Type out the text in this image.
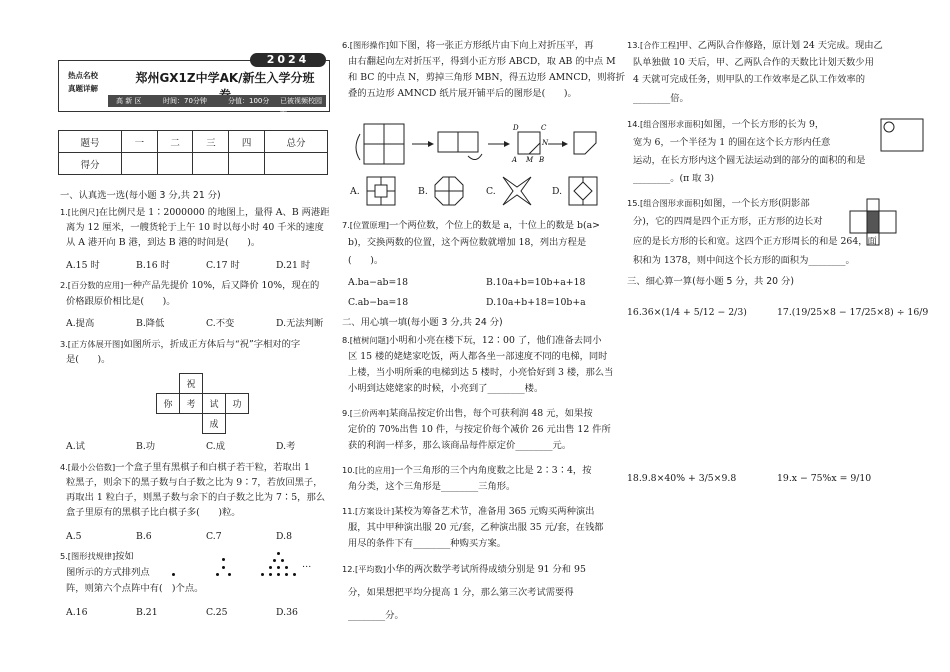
2024
热点名校
真题详解
郑州GX1Z中学AK/新生入学分班
高 新 区	时间：70分钟	分值：100分 已被视频校园版
题号	一	二	三	四	总分
得分					
一、认真选一选(每小题 3 分,共 21 分)
1.[比例尺]在比例尺是 1∶2000000 的地图上，量得 A、B 两港距
离为 12 厘米，一艘货轮于上午 10 时以每小时 40 千米的速度
从 A 港开向 B 港，到达 B 港的时间是(　　)。
A.15 时	B.16 时	C.17 时	D.21 时
2.[百分数的应用]一种产品先提价 10%，后又降价 10%，现在的
价格跟原价相比是(　　)。
A.提高	B.降低	C.不变	D.无法判断
3.[正方体展开图]如图所示，折成正方体后与“祝”字相对的字
是(　　)。
	祝		
你	考	试	功
		成	
A.试	B.功	C.成	D.考
4.[最小公倍数]一个盒子里有黑棋子和白棋子若干粒，若取出 1
粒黑子，则余下的黑子数与白子数之比为 9∶7，若放回黑子，
再取出 1 粒白子，则黑子数与余下的白子数之比为 7∶5，那么
盒子里原有的黑棋子比白棋子多(　　)粒。
A.5	B.6	C.7	D.8
5.[图形找规律]按如
图所示的方式排列点
阵，则第六个点阵中有(　)个点。
…
A.16	B.21	C.25	D.36
6.[图形操作]如下图，将一张正方形纸片由下向上对折压平，再
由右翻起向左对折压平，得到小正方形 ABCD，取 AB 的中点 M
和 BC 的中点 N，剪掉三角形 MBN，得五边形 AMNCD，则将折
叠的五边形 AMNCD 纸片展开铺平后的图形是(　　)。
D	C
N
A M B
A.	B.	C.	D.
7.[位置原理]一个两位数，个位上的数是 a，十位上的数是 b(a>
b)，交换两数的位置，这个两位数就增加 18，列出方程是
(　　)。
A.ba−ab=18	B.10a+b=10b+a+18
C.ab−ba=18	D.10a+b+18=10b+a
二、用心填一填(每小题 3 分,共 24 分)
8.[植树问题]小明和小亮在楼下玩，12∶00 了，他们准备去同小
区 15 楼的姥姥家吃饭，两人都各坐一部速度不同的电梯，同时
上楼，当小明所乘的电梯到达 5 楼时，小亮恰好到 3 楼，那么当
小明到达姥姥家的时候，小亮到了________楼。
9.[三价两率]某商品按定价出售，每个可获利润 48 元，如果按
定价的 70%出售 10 件，与按定价每个减价 26 元出售 12 件所
获的利润一样多，那么该商品每件原定价________元。
10.[比的应用]一个三角形的三个内角度数之比是 2∶3∶4，按
角分类，这个三角形是________三角形。
11.[方案设计]某校为筹备艺术节，准备用 365 元购买两种演出
服，其中甲种演出服 20 元/套，乙种演出服 35 元/套，在钱都
用尽的条件下有________种购买方案。
12.[平均数]小华的两次数学考试所得成绩分别是 91 分和 95
分，如果想把平均分提高 1 分，那么第三次考试需要得
________分。
13.[合作工程]甲、乙两队合作修路，原计划 24 天完成。现由乙
队单独做 10 天后，甲、乙两队合作的天数比计划天数少用
4 天就可完成任务，则甲队的工作效率是乙队工作效率的
________倍。
14.[组合图形求面积]如图，一个长方形的长为 9，
宽为 6，一个半径为 1 的圆在这个长方形内任意
运动，在长方形内这个圆无法运动到的部分的面积的和是
________。(π 取 3)
15.[组合图形求面积]如图，一个长方形(阴影部
分)，它的四周是四个正方形，正方形的边长对
应的是长方形的长和宽。这四个正方形周长的和是 264，面
积和为 1378，则中间这个长方形的面积为________。
三、细心算一算(每小题 5 分，共 20 分)
16.36×(1/4 + 5/12 − 2/3)	17.(19/25×8 − 17/25×8) ÷ 16/9
18.9.8×40% + 3/5×9.8	19.x − 75%x = 9/10
